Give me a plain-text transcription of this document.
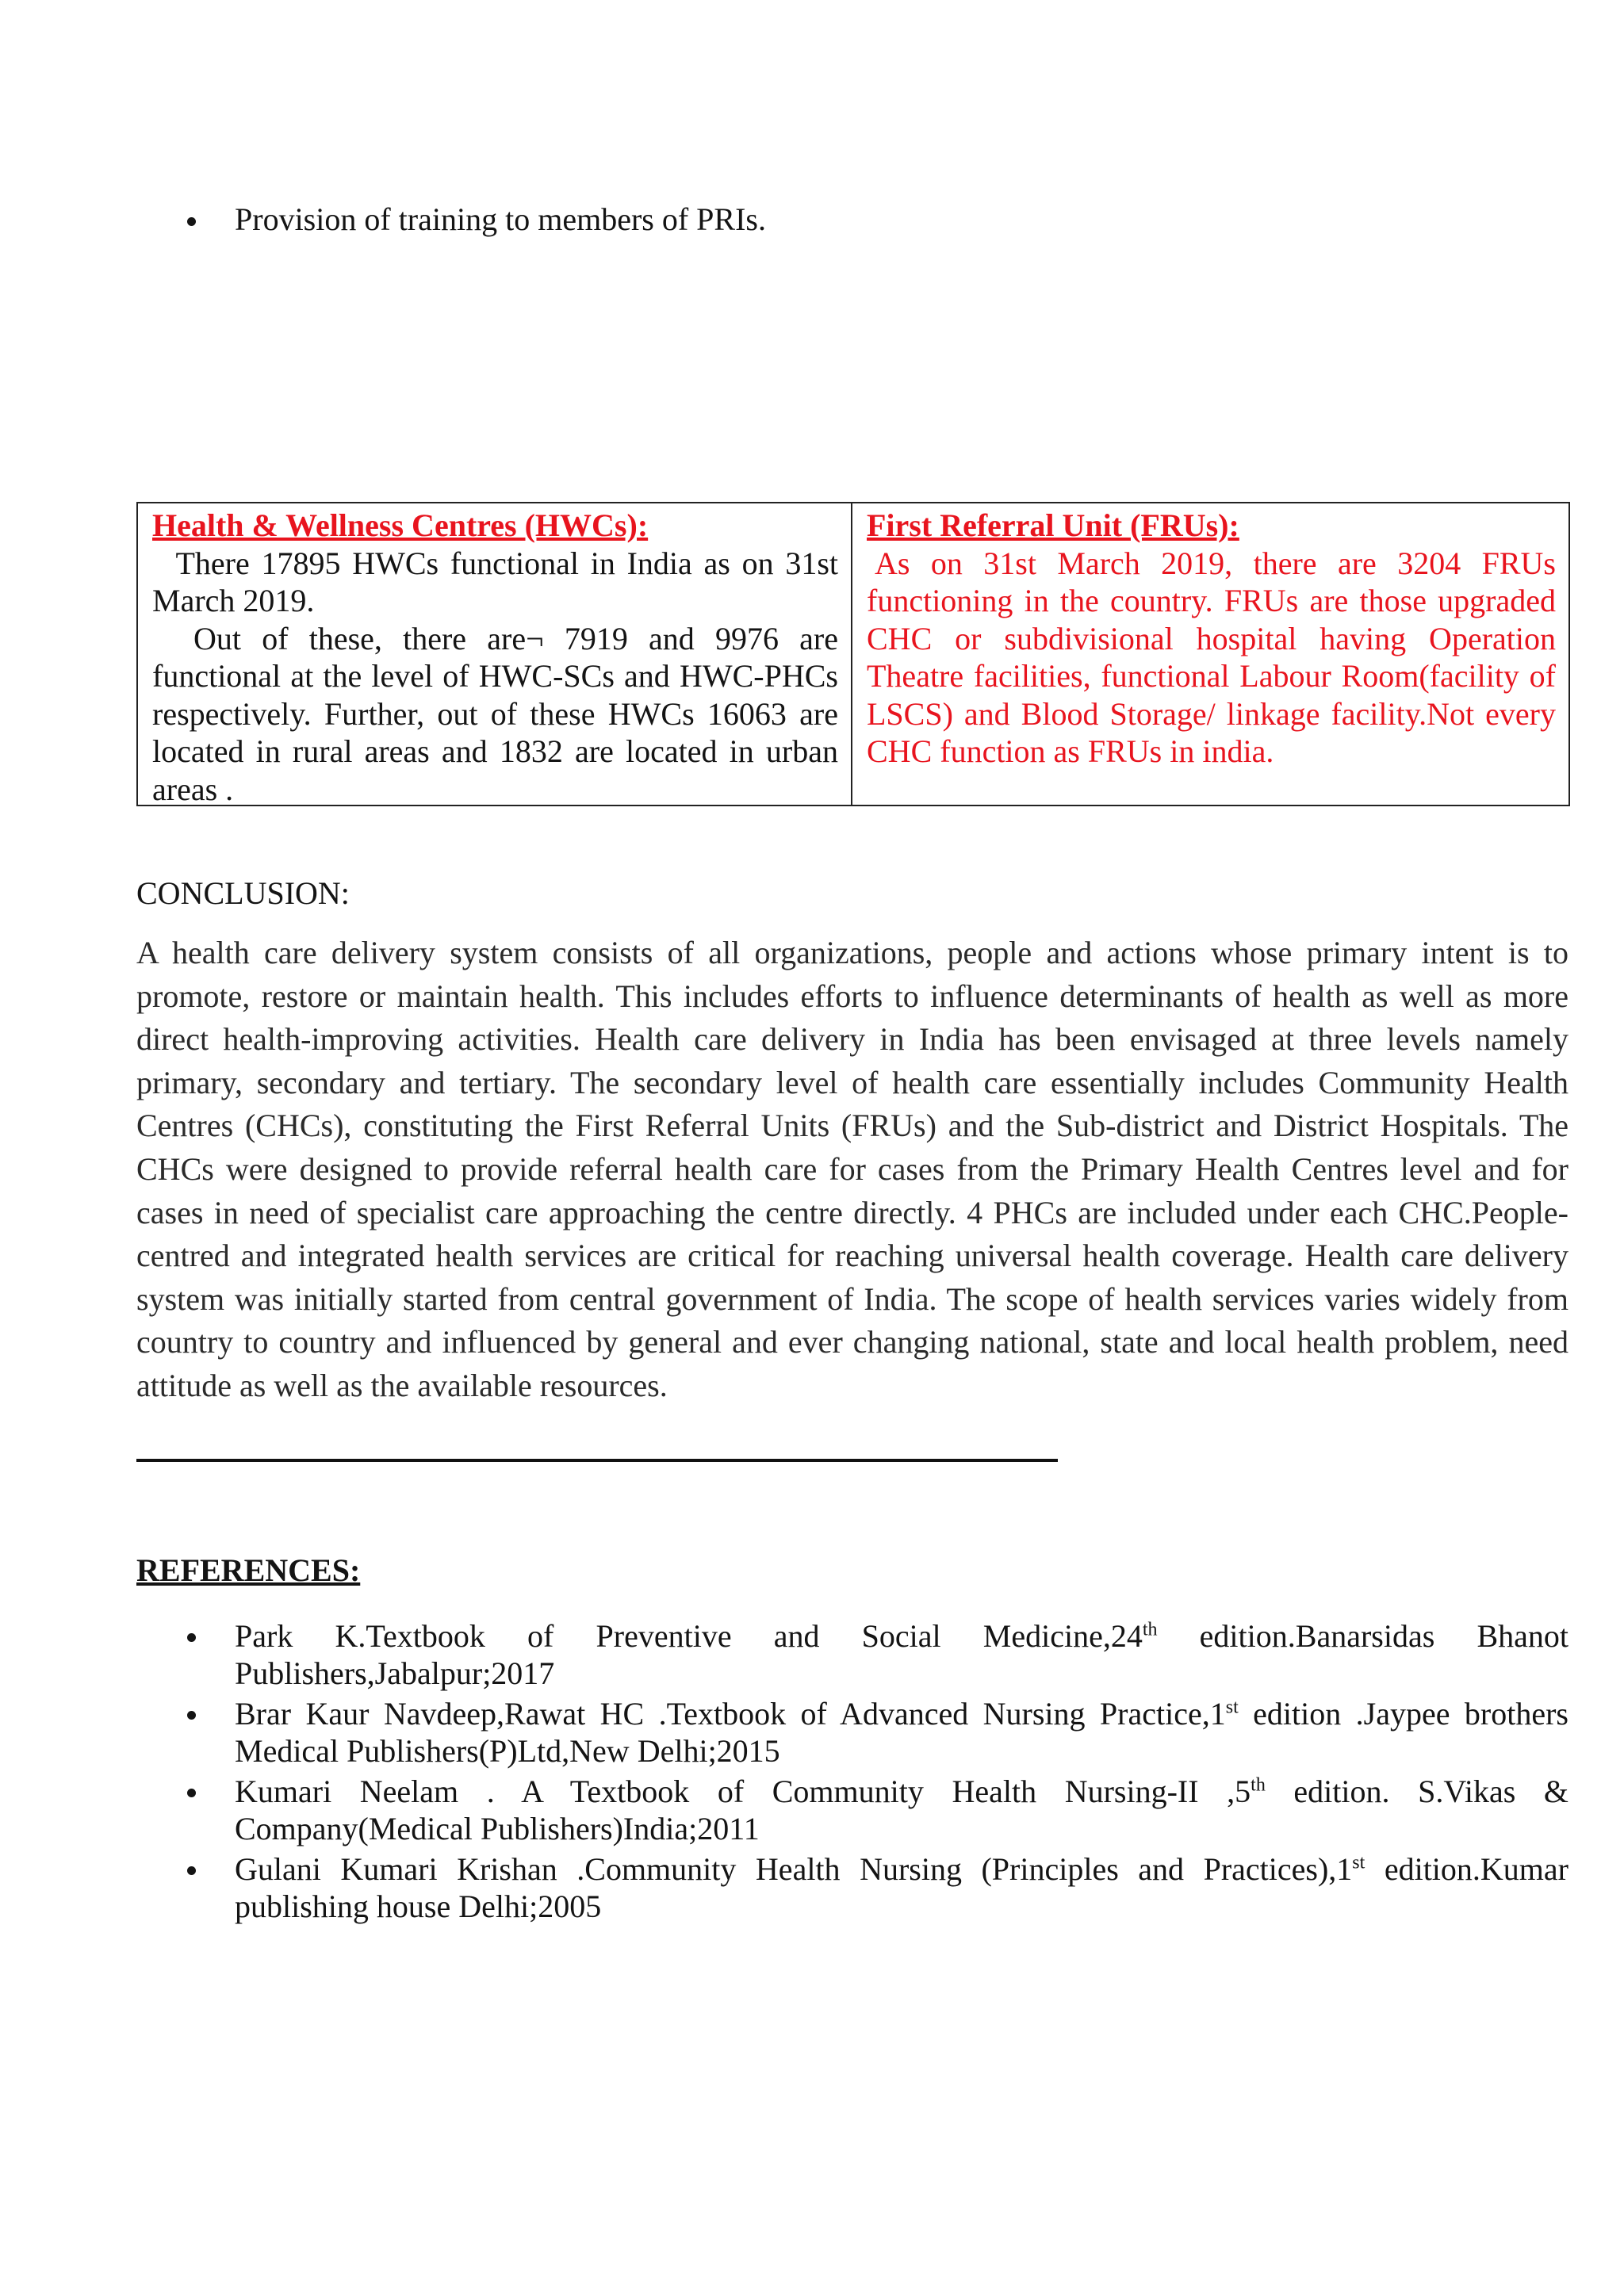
Provision of training to members of PRIs.
Health & Wellness Centres (HWCs):

There 17895 HWCs functional in India as on 31st March 2019.

Out of these, there are¬ 7919 and 9976 are functional at the level of HWC-SCs and HWC-PHCs respectively. Further, out of these HWCs 16063 are located in rural areas and 1832 are located in urban areas .

First Referral Unit (FRUs):

As on 31st March 2019, there are 3204 FRUs functioning in the country. FRUs are those upgraded CHC or subdivisional hospital having Operation Theatre facilities, functional Labour Room(facility of LSCS) and Blood Storage/ linkage facility.Not every CHC function as FRUs in india.

CONCLUSION:

A health care delivery system consists of all organizations, people and actions whose primary intent is to promote, restore or maintain health. This includes efforts to influence determinants of health as well as more direct health-improving activities. Health care delivery in India has been envisaged at three levels namely primary, secondary and tertiary. The secondary level of health care essentially includes Community Health Centres (CHCs), constituting the First Referral Units (FRUs) and the Sub-district and District Hospitals. The CHCs were designed to provide referral health care for cases from the Primary Health Centres level and for cases in need of specialist care approaching the centre directly. 4 PHCs are included under each CHC.People-centred and integrated health services are critical for reaching universal health coverage. Health care delivery system was initially started from central government of India. The scope of health services varies widely from country to country and influenced by general and ever changing national, state and local health problem, need attitude as well as the available resources.

REFERENCES:
Park K.Textbook of Preventive and Social Medicine,24th edition.Banarsidas Bhanot Publishers,Jabalpur;2017
Brar Kaur Navdeep,Rawat HC .Textbook of Advanced Nursing Practice,1st edition .Jaypee brothers Medical Publishers(P)Ltd,New Delhi;2015
Kumari Neelam . A Textbook of Community Health Nursing-II ,5th edition. S.Vikas & Company(Medical Publishers)India;2011
Gulani Kumari Krishan .Community Health Nursing (Principles and Practices),1st edition.Kumar publishing house Delhi;2005
